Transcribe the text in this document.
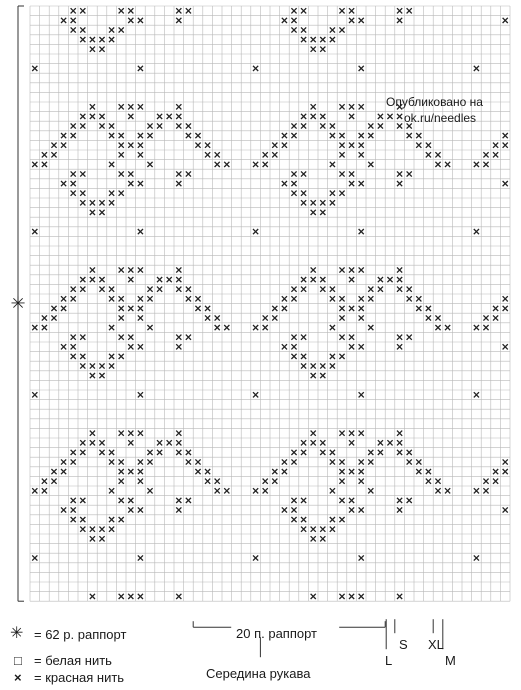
✳
Опубликовано на
ok.ru/needles
20 п. раппорт
Середина рукава
S
L
XL
M
✳ = 62 р. раппорт
□ = белая нить
× = красная нить
